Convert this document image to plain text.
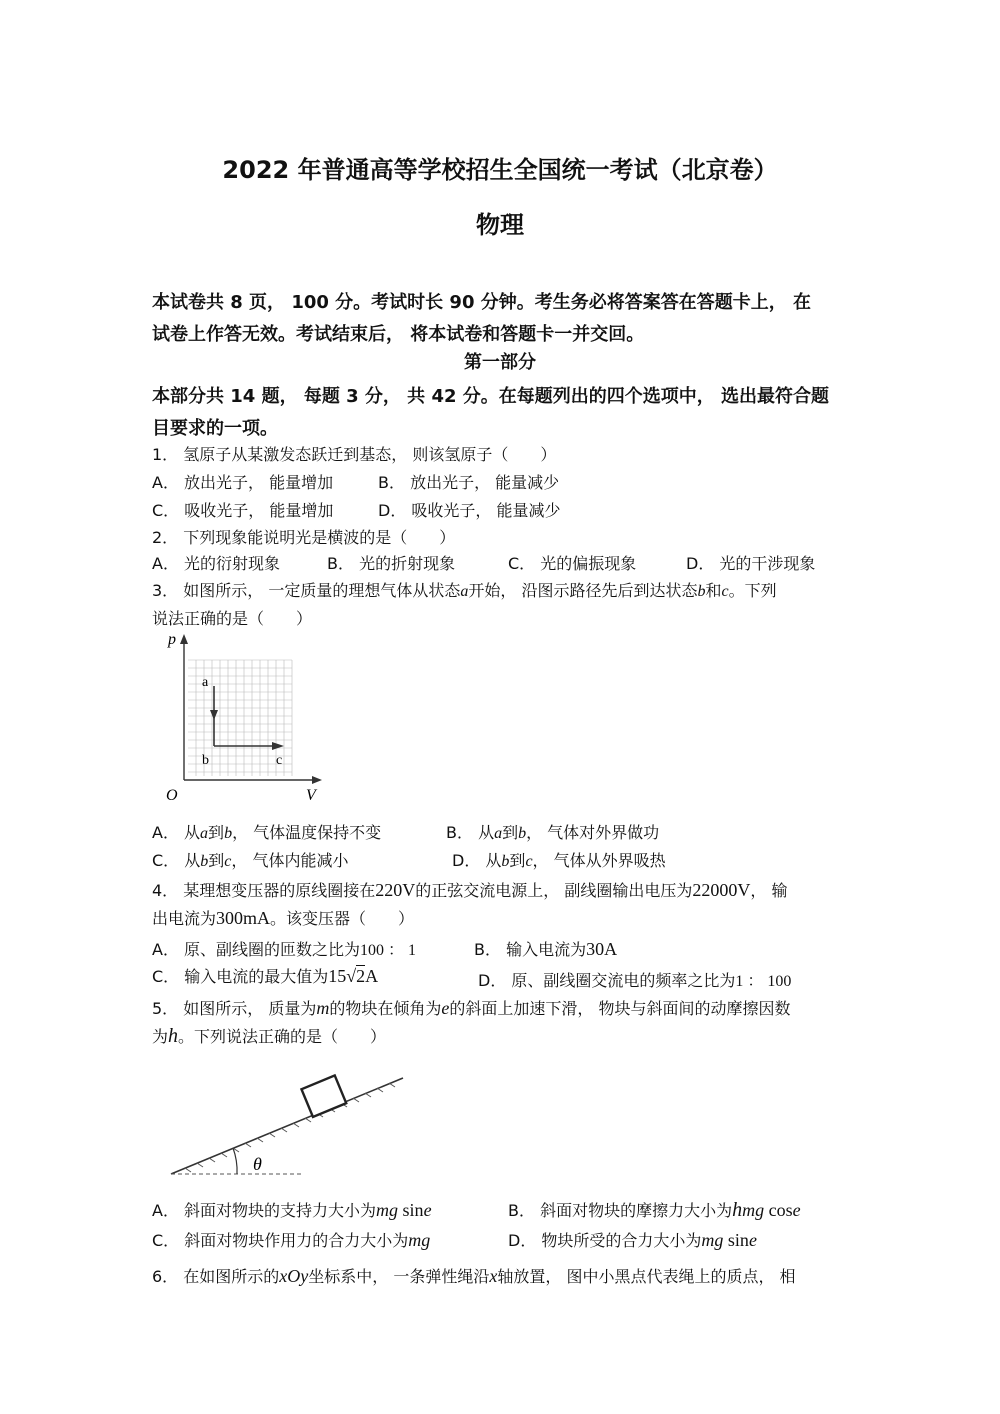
2022 年普通高等学校招生全国统一考试（北京卷）
物理
本试卷共 8 页， 100 分。考试时长 90 分钟。考生务必将答案答在答题卡上， 在
试卷上作答无效。考试结束后， 将本试卷和答题卡一并交回。
第一部分
本部分共 14 题， 每题 3 分， 共 42 分。在每题列出的四个选项中， 选出最符合题
目要求的一项。
1． 氢原子从某激发态跃迁到基态， 则该氢原子（　　）
A． 放出光子， 能量增加	B． 放出光子， 能量减少
C． 吸收光子， 能量增加	D． 吸收光子， 能量减少
2． 下列现象能说明光是横波的是（　　）
A． 光的衍射现象	B． 光的折射现象	C． 光的偏振现象	D． 光的干涉现象
3． 如图所示， 一定质量的理想气体从状态a开始， 沿图示路径先后到达状态b和c。下列
说法正确的是（　　）
p
V
O
a
b	c
A． 从a到b， 气体温度保持不变	B． 从a到b， 气体对外界做功
C． 从b到c， 气体内能减小	D． 从b到c， 气体从外界吸热
4． 某理想变压器的原线圈接在220V的正弦交流电源上， 副线圈输出电压为22000V， 输
出电流为300mA。该变压器（　　）
A． 原、副线圈的匝数之比为100 ： 1	B． 输入电流为30A
C． 输入电流的最大值为15√2A	D． 原、副线圈交流电的频率之比为1 ： 100
5． 如图所示， 质量为m的物块在倾角为e的斜面上加速下滑， 物块与斜面间的动摩擦因数
为h。下列说法正确的是（　　）
θ
A． 斜面对物块的支持力大小为mg sine	B． 斜面对物块的摩擦力大小为hmg cose
C． 斜面对物块作用力的合力大小为mg	D． 物块所受的合力大小为mg sine
6． 在如图所示的xOy坐标系中， 一条弹性绳沿x轴放置， 图中小黑点代表绳上的质点， 相
